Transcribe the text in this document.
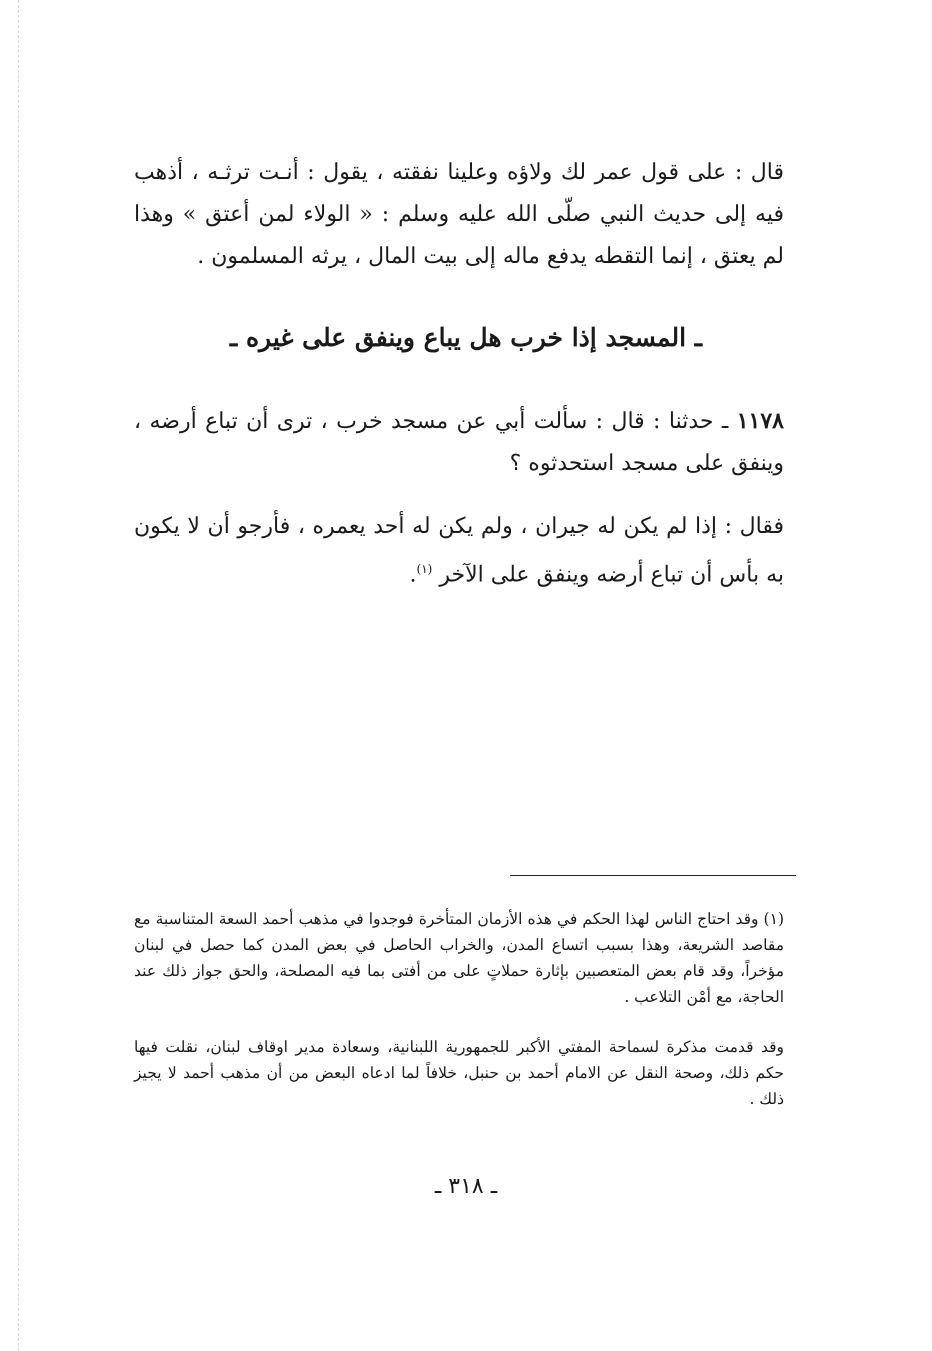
قال : على قول عمر لك ولاؤه وعلينا نفقته ، يقول : أنـت ترثـه ، أذهب فيه إلى حديث النبي صلّى الله عليه وسلم : « الولاء لمن أعتق » وهذا لم يعتق ، إنما التقطه يدفع ماله إلى بيت المال ، يرثه المسلمون .

ـ المسجد إذا خرب هل يباع وينفق على غيره ـ

١١٧٨ ـ حدثنا : قال : سألت أبي عن مسجد خرب ، ترى أن تباع أرضه ، وينفق على مسجد استحدثوه ؟

فقال : إذا لم يكن له جيران ، ولم يكن له أحد يعمره ، فأرجو أن لا يكون به بأس أن تباع أرضه وينفق على الآخر $^{(١)}$.

(١) وقد احتاج الناس لهذا الحكم في هذه الأزمان المتأخرة فوجدوا في مذهب أحمد السعة المتناسبة مع مقاصد الشريعة، وهذا بسبب اتساع المدن، والخراب الحاصل في بعض المدن كما حصل في لبنان مؤخراً، وقد قام بعض المتعصبين بإثارة حملاتٍ على من أفتى بما فيه المصلحة، والحق جواز ذلك عند الحاجة، مع أمْن التلاعب .

وقد قدمت مذكرة لسماحة المفتي الأكبر للجمهورية اللبنانية، وسعادة مدير اوقاف لبنان، نقلت فيها حكم ذلك، وصحة النقل عن الامام أحمد بن حنبل، خلافاً لما ادعاه البعض من أن مذهب أحمد لا يجيز ذلك .

ـ ٣١٨ ـ
